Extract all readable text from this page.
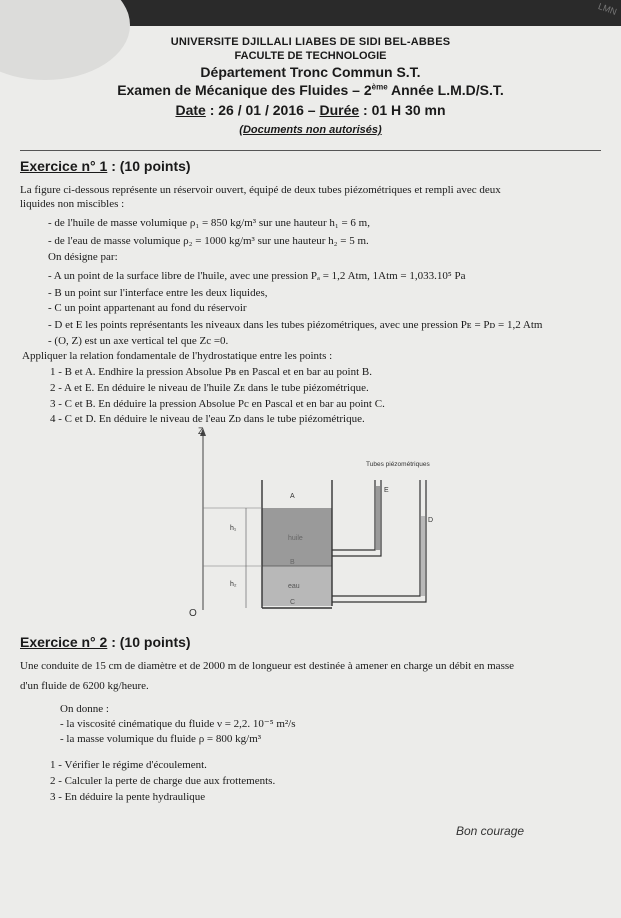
LMN
UNIVERSITE DJILLALI LIABES DE SIDI BEL-ABBES
FACULTE DE TECHNOLOGIE
Département Tronc Commun S.T.
Examen de Mécanique des Fluides – 2ème Année L.M.D/S.T.
Date : 26 / 01 / 2016 – Durée : 01 H 30 mn
(Documents non autorisés)
Exercice n° 1 : (10 points)
La figure ci-dessous représente un réservoir ouvert, équipé de deux tubes piézométriques et rempli avec deux
liquides non miscibles :
- de l'huile de masse volumique ρ₁ = 850 kg/m³ sur une hauteur h₁ = 6 m,
- de l'eau de masse volumique ρ₂ = 1000 kg/m³ sur une hauteur h₂ = 5 m.
On désigne par:
- A un point de la surface libre de l'huile, avec une pression Pₐ = 1,2 Atm, 1Atm = 1,033.10⁵ Pa
- B un point sur l'interface entre les deux liquides,
- C un point appartenant au fond du réservoir
- D et E les points représentants les niveaux dans les tubes piézométriques, avec une pression Pᴇ = Pᴅ = 1,2 Atm
- (O, Z) est un axe vertical tel que Zc =0.
Appliquer la relation fondamentale de l'hydrostatique entre les points :
1 - B et A. Endhire la pression Absolue Pʙ en Pascal et en bar au point B.
2 - A et E. En déduire le niveau de l'huile Zᴇ dans le tube piézométrique.
3 - C et B. En déduire la pression Absolue Pc en Pascal et en bar au point C.
4 - C et D. En déduire le niveau de l'eau Zᴅ dans le tube piézométrique.
Z
O
h₁
h₂
A
huile
B
eau
C
E
D
Tubes piézométriques
Exercice n° 2 : (10 points)
Une conduite de 15 cm de diamètre et de 2000 m de longueur est destinée à amener en charge un débit en masse
d'un fluide de 6200 kg/heure.
On donne :
- la viscosité cinématique du fluide ν = 2,2. 10⁻⁵ m²/s
- la masse volumique du fluide ρ = 800 kg/m³
1 - Vérifier le régime d'écoulement.
2 - Calculer la perte de charge due aux frottements.
3 - En déduire la pente hydraulique
Bon courage
